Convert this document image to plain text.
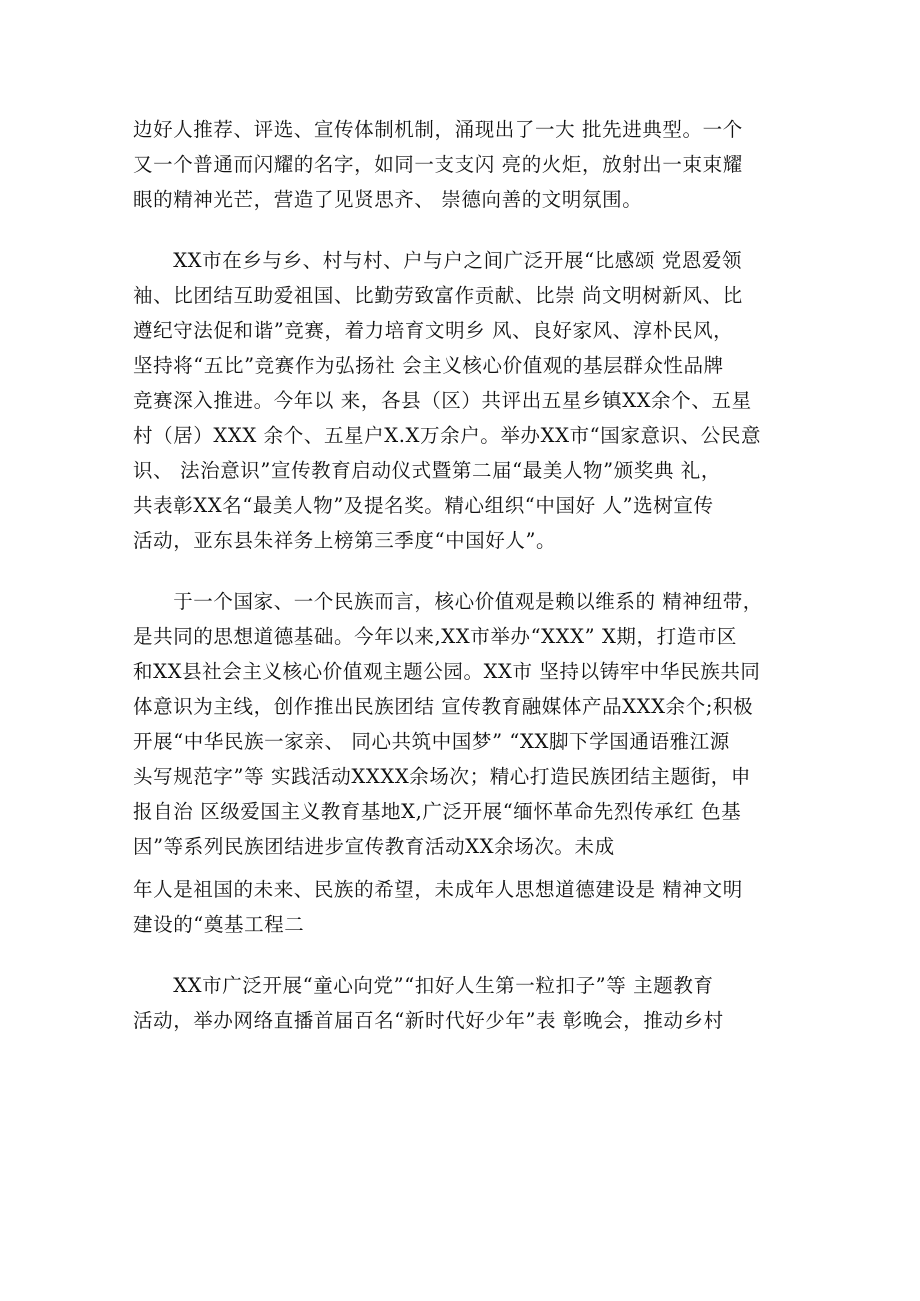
边好人推荐、评选、宣传体制机制，涌现出了一大 批先进典型。一个
又一个普通而闪耀的名字，如同一支支闪 亮的火炬，放射出一束束耀
眼的精神光芒，营造了见贤思齐、 崇德向善的文明氛围。
　　XX市在乡与乡、村与村、户与户之间广泛开展“比感颂 党恩爱领
袖、比团结互助爱祖国、比勤劳致富作贡献、比崇 尚文明树新风、比
遵纪守法促和谐”竞赛，着力培育文明乡 风、良好家风、淳朴民风，
坚持将“五比”竞赛作为弘扬社 会主义核心价值观的基层群众性品牌
竞赛深入推进。今年以 来，各县（区）共评出五星乡镇XX余个、五星
村（居）XXX 余个、五星户X.X万余户。举办XX市“国家意识、公民意
识、 法治意识”宣传教育启动仪式暨第二届“最美人物”颁奖典 礼，
共表彰XX名“最美人物”及提名奖。精心组织“中国好 人”选树宣传
活动，亚东县朱祥务上榜第三季度“中国好人”。
　　于一个国家、一个民族而言，核心价值观是赖以维系的 精神纽带，
是共同的思想道德基础。今年以来,XX市举办“XXX” X期，打造市区
和XX县社会主义核心价值观主题公园。XX市 坚持以铸牢中华民族共同
体意识为主线，创作推出民族团结 宣传教育融媒体产品XXX余个;积极
开展“中华民族一家亲、 同心共筑中国梦” “XX脚下学国通语雅江源
头写规范字”等 实践活动XXXX余场次；精心打造民族团结主题街，申
报自治 区级爱国主义教育基地X,广泛开展“缅怀革命先烈传承红 色基
因”等系列民族团结进步宣传教育活动XX余场次。未成
年人是祖国的未来、民族的希望，未成年人思想道德建设是 精神文明
建设的“奠基工程二
　　XX市广泛开展“童心向党”“扣好人生第一粒扣子”等 主题教育
活动，举办网络直播首届百名“新时代好少年”表 彰晚会，推动乡村
